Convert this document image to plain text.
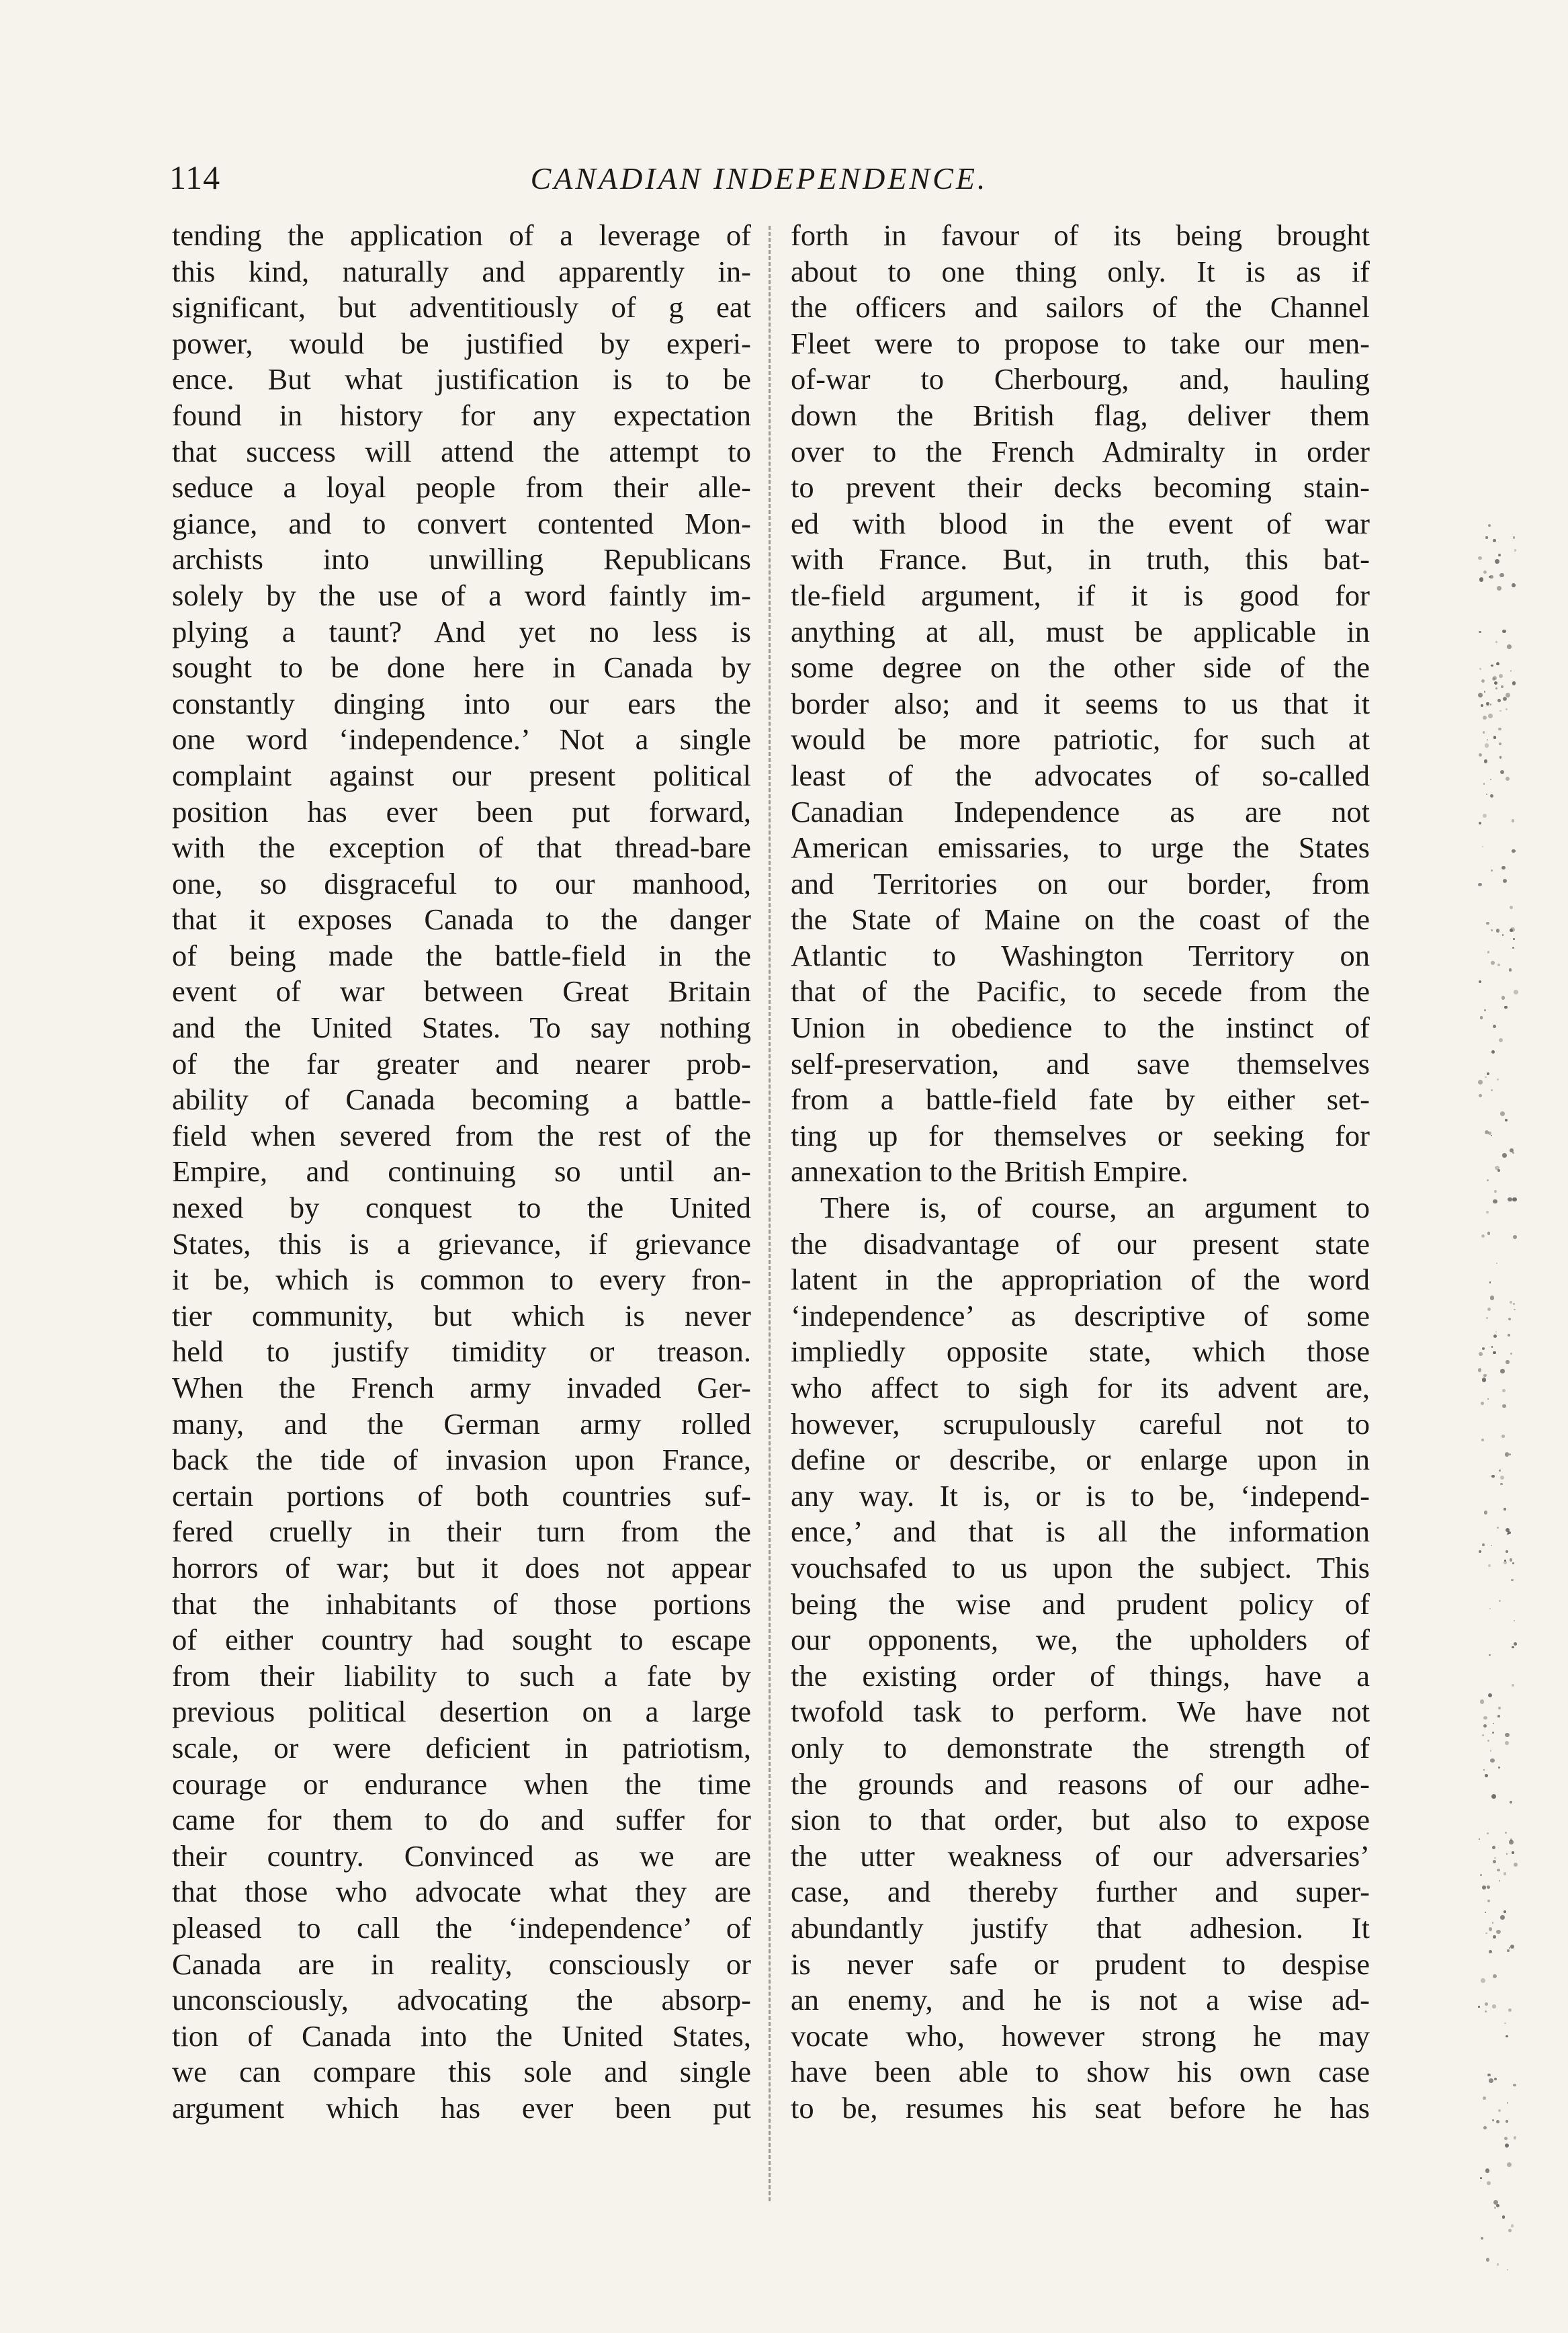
114	CANADIAN INDEPENDENCE.
tending the application of a leverage of
this kind, naturally and apparently in-
significant, but adventitiously of g eat
power, would be justified by experi-
ence. But what justification is to be
found in history for any expectation
that success will attend the attempt to
seduce a loyal people from their alle-
giance, and to convert contented Mon-
archists into unwilling Republicans
solely by the use of a word faintly im-
plying a taunt? And yet no less is
sought to be done here in Canada by
constantly dinging into our ears the
one word ‘independence.’ Not a single
complaint against our present political
position has ever been put forward,
with the exception of that thread-bare
one, so disgraceful to our manhood,
that it exposes Canada to the danger
of being made the battle-field in the
event of war between Great Britain
and the United States. To say nothing
of the far greater and nearer prob-
ability of Canada becoming a battle-
field when severed from the rest of the
Empire, and continuing so until an-
nexed by conquest to the United
States, this is a grievance, if grievance
it be, which is common to every fron-
tier community, but which is never
held to justify timidity or treason.
When the French army invaded Ger-
many, and the German army rolled
back the tide of invasion upon France,
certain portions of both countries suf-
fered cruelly in their turn from the
horrors of war; but it does not appear
that the inhabitants of those portions
of either country had sought to escape
from their liability to such a fate by
previous political desertion on a large
scale, or were deficient in patriotism,
courage or endurance when the time
came for them to do and suffer for
their country. Convinced as we are
that those who advocate what they are
pleased to call the ‘independence’ of
Canada are in reality, consciously or
unconsciously, advocating the absorp-
tion of Canada into the United States,
we can compare this sole and single
argument which has ever been put
forth in favour of its being brought
about to one thing only. It is as if
the officers and sailors of the Channel
Fleet were to propose to take our men-
of-war to Cherbourg, and, hauling
down the British flag, deliver them
over to the French Admiralty in order
to prevent their decks becoming stain-
ed with blood in the event of war
with France. But, in truth, this bat-
tle-field argument, if it is good for
anything at all, must be applicable in
some degree on the other side of the
border also; and it seems to us that it
would be more patriotic, for such at
least of the advocates of so-called
Canadian Independence as are not
American emissaries, to urge the States
and Territories on our border, from
the State of Maine on the coast of the
Atlantic to Washington Territory on
that of the Pacific, to secede from the
Union in obedience to the instinct of
self-preservation, and save themselves
from a battle-field fate by either set-
ting up for themselves or seeking for
annexation to the British Empire.
There is, of course, an argument to
the disadvantage of our present state
latent in the appropriation of the word
‘independence’ as descriptive of some
impliedly opposite state, which those
who affect to sigh for its advent are,
however, scrupulously careful not to
define or describe, or enlarge upon in
any way. It is, or is to be, ‘independ-
ence,’ and that is all the information
vouchsafed to us upon the subject. This
being the wise and prudent policy of
our opponents, we, the upholders of
the existing order of things, have a
twofold task to perform. We have not
only to demonstrate the strength of
the grounds and reasons of our adhe-
sion to that order, but also to expose
the utter weakness of our adversaries’
case, and thereby further and super-
abundantly justify that adhesion. It
is never safe or prudent to despise
an enemy, and he is not a wise ad-
vocate who, however strong he may
have been able to show his own case
to be, resumes his seat before he has
